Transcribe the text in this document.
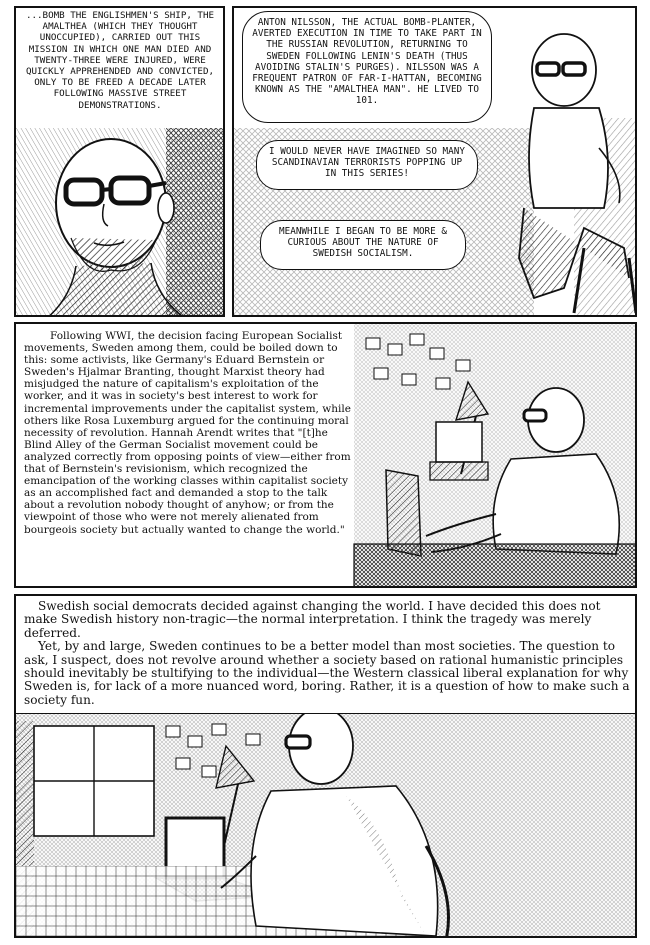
...BOMB THE ENGLISHMEN'S SHIP, THE AMALTHEA (WHICH THEY THOUGHT UNOCCUPIED), CARRIED OUT THIS MISSION IN WHICH ONE MAN DIED AND TWENTY-THREE WERE INJURED, WERE QUICKLY APPREHENDED AND CONVICTED, ONLY TO BE FREED A DECADE LATER FOLLOWING MASSIVE STREET DEMONSTRATIONS.

ANTON NILSSON, THE ACTUAL BOMB-PLANTER, AVERTED EXECUTION IN TIME TO TAKE PART IN THE RUSSIAN REVOLUTION, RETURNING TO SWEDEN FOLLOWING LENIN'S DEATH (THUS AVOIDING STALIN'S PURGES). NILSSON WAS A FREQUENT PATRON OF FAR-I-HATTAN, BECOMING KNOWN AS THE "AMALTHEA MAN". HE LIVED TO 101.

I WOULD NEVER HAVE IMAGINED SO MANY SCANDINAVIAN TERRORISTS POPPING UP IN THIS SERIES!

MEANWHILE I BEGAN TO BE MORE & CURIOUS ABOUT THE NATURE OF SWEDISH SOCIALISM.

Following WWI, the decision facing European Socialist movements, Sweden among them, could be boiled down to this: some activists, like Germany's Eduard Bernstein or Sweden's Hjalmar Branting, thought Marxist theory had misjudged the nature of capitalism's exploitation of the worker, and it was in society's best interest to work for incremental improvements under the capitalist system, while others like Rosa Luxemburg argued for the continuing moral necessity of revolution. Hannah Arendt writes that "[t]he Blind Alley of the German Socialist movement could be analyzed correctly from opposing points of view—either from that of Bernstein's revisionism, which recognized the emancipation of the working classes within capitalist society as an accomplished fact and demanded a stop to the talk about a revolution nobody thought of anyhow; or from the viewpoint of those who were not merely alienated from bourgeois society but actually wanted to change the world."

Swedish social democrats decided against changing the world. I have decided this does not make Swedish history non-tragic—the normal interpretation. I think the tragedy was merely deferred.

Yet, by and large, Sweden continues to be a better model than most societies. The question to ask, I suspect, does not revolve around whether a society based on rational humanistic principles should inevitably be stultifying to the individual—the Western classical liberal explanation for why Sweden is, for lack of a more nuanced word, boring. Rather, it is a question of how to make such a society fun.
